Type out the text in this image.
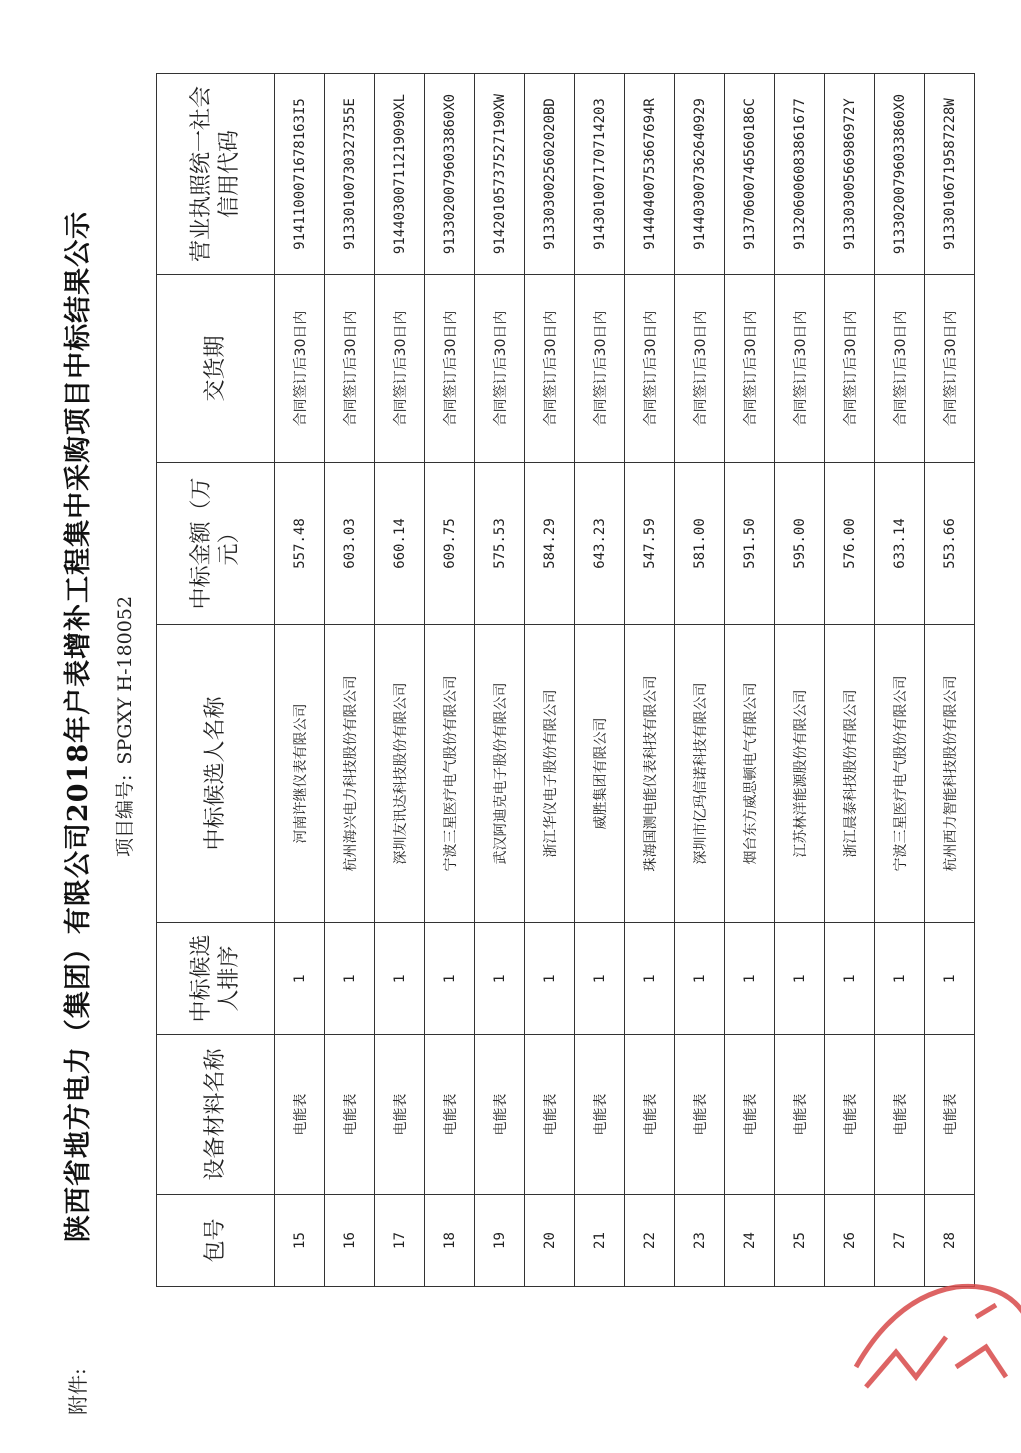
附件:
陕西省地方电力（集团）有限公司2018年户表增补工程集中采购项目中标结果公示 项目编号: SPGXY H-180052
包号	设备材料名称	中标候选人排序	中标候选人名称	中标金额（万元）	交货期	营业执照统一社会信用代码
15	电能表	1	河南许继仪表有限公司	557.48	合同签订后30日内	9141100071678163I5
16	电能表	1	杭州海兴电力科技股份有限公司	603.03	合同签订后30日内	91330100730327355E
17	电能表	1	深圳友讯达科技股份有限公司	660.14	合同签订后30日内	91440300711219090XL
18	电能表	1	宁波三星医疗电气股份有限公司	609.75	合同签订后30日内	91330200796033860X0
19	电能表	1	武汉阿迪克电子股份有限公司	575.53	合同签订后30日内	91420105737527190XW
20	电能表	1	浙江华仪电子股份有限公司	584.29	合同签订后30日内	9133030025602020BD
21	电能表	1	威胜集团有限公司	643.23	合同签订后30日内	91430100717071420​3
22	电能表	1	珠海国测电能仪表科技有限公司	547.59	合同签订后30日内	9144040075366769​4R
23	电能表	1	深圳市亿玛信诺科技有限公司	581.00	合同签订后30日内	91440300736264092​9
24	电能表	1	烟台东方威思顿电气有限公司	591.50	合同签订后30日内	91370600746560186C
25	电能表	1	江苏林洋能源股份有限公司	595.00	合同签订后30日内	91320600608386167​7
26	电能表	1	浙江晨泰科技股份有限公司	576.00	合同签订后30日内	91330300566986972Y
27	电能表	1	宁波三星医疗电气股份有限公司	633.14	合同签订后30日内	91330200796033860X0
28	电能表	1	杭州西力智能科技股份有限公司	553.66	合同签订后30日内	91330106719587228W
